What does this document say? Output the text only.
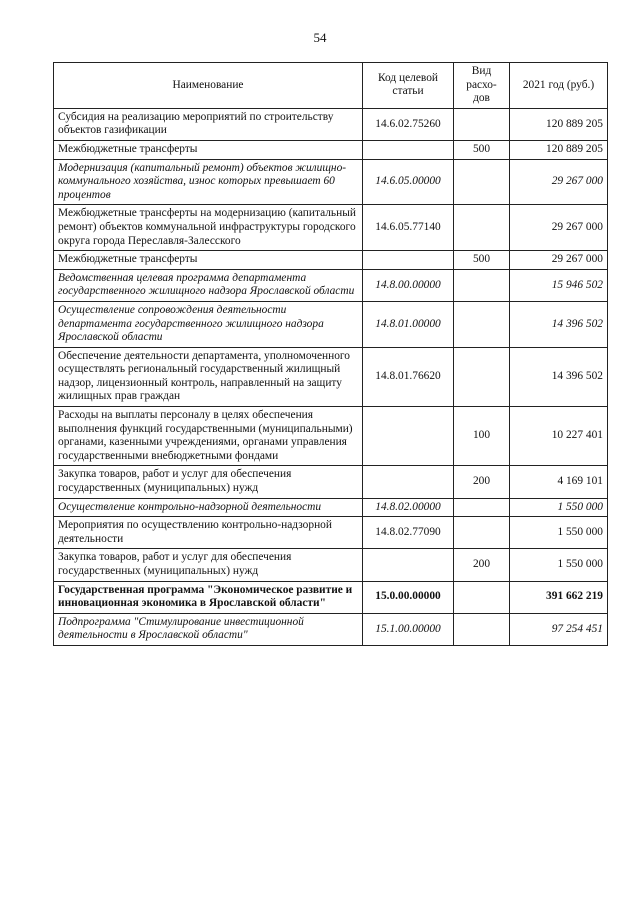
54
Наименование	Код целевой статьи	Вид расхо-дов	2021 год (руб.)
Субсидия на реализацию мероприятий по строительству объектов газификации	14.6.02.75260		120 889 205
Межбюджетные трансферты		500	120 889 205
Модернизация (капитальный ремонт) объектов жилищно-коммунального хозяйства, износ которых превышает 60 процентов	14.6.05.00000		29 267 000
Межбюджетные трансферты на модернизацию (капитальный ремонт) объектов коммунальной инфраструктуры городского округа города Переславля-Залесского	14.6.05.77140		29 267 000
Межбюджетные трансферты		500	29 267 000
Ведомственная целевая программа департамента государственного жилищного надзора Ярославской области	14.8.00.00000		15 946 502
Осуществление сопровождения деятельности департамента государственного жилищного надзора Ярославской области	14.8.01.00000		14 396 502
Обеспечение деятельности департамента, уполномоченного осуществлять региональный государственный жилищный надзор, лицензионный контроль, направленный на защиту жилищных прав граждан	14.8.01.76620		14 396 502
Расходы на выплаты персоналу в целях обеспечения выполнения функций государственными (муниципальными) органами, казенными учреждениями, органами управления государственными внебюджетными фондами		100	10 227 401
Закупка товаров, работ и услуг для обеспечения государственных (муниципальных) нужд		200	4 169 101
Осуществление контрольно-надзорной деятельности	14.8.02.00000		1 550 000
Мероприятия по осуществлению контрольно-надзорной деятельности	14.8.02.77090		1 550 000
Закупка товаров, работ и услуг для обеспечения государственных (муниципальных) нужд		200	1 550 000
Государственная программа "Экономическое развитие и инновационная экономика в Ярославской области"	15.0.00.00000		391 662 219
Подпрограмма "Стимулирование инвестиционной деятельности в Ярославской области"	15.1.00.00000		97 254 451
